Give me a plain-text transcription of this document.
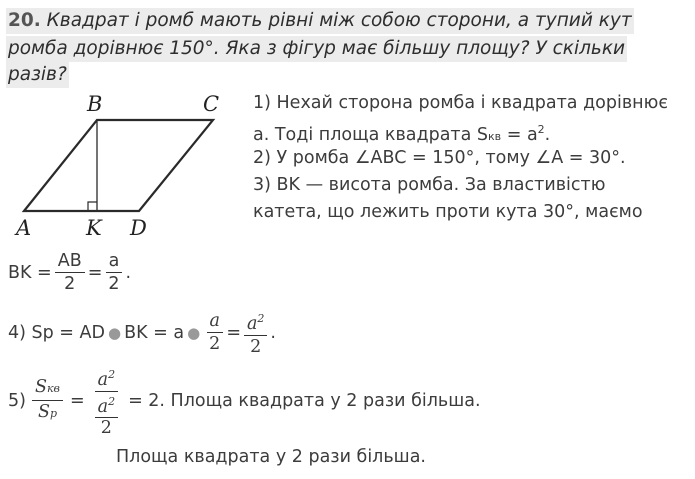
20. Квадрат і ромб мають рівні між собою сторони, а тупий кут
ромба дорівнює 150°. Яка з фігур має більшу площу? У скільки
разів?
B	C
A	K D
1) Нехай сторона ромба і квадрата дорівнює
a. Тоді площа квадрата Sкв = $a^2$.
2) У ромба ∠ABC = 150°, тому ∠A = 30°.
3) BK — висота ромба. За властивістю
катета, що лежить проти кута 30°, маємо
BK = $\frac{AB}{2} = \frac{a}{2}$ .
4) Sр = AD ● BK = a ● $\frac{a}{2} = \frac{a^2}{2}$ .
$5) \frac{\text{Sкв}}{Sр} = \frac{a^2}{\frac{a^2}{2}} = 2$. Площа квадрата у 2 рази більша.
Площа квадрата у 2 рази більша.
